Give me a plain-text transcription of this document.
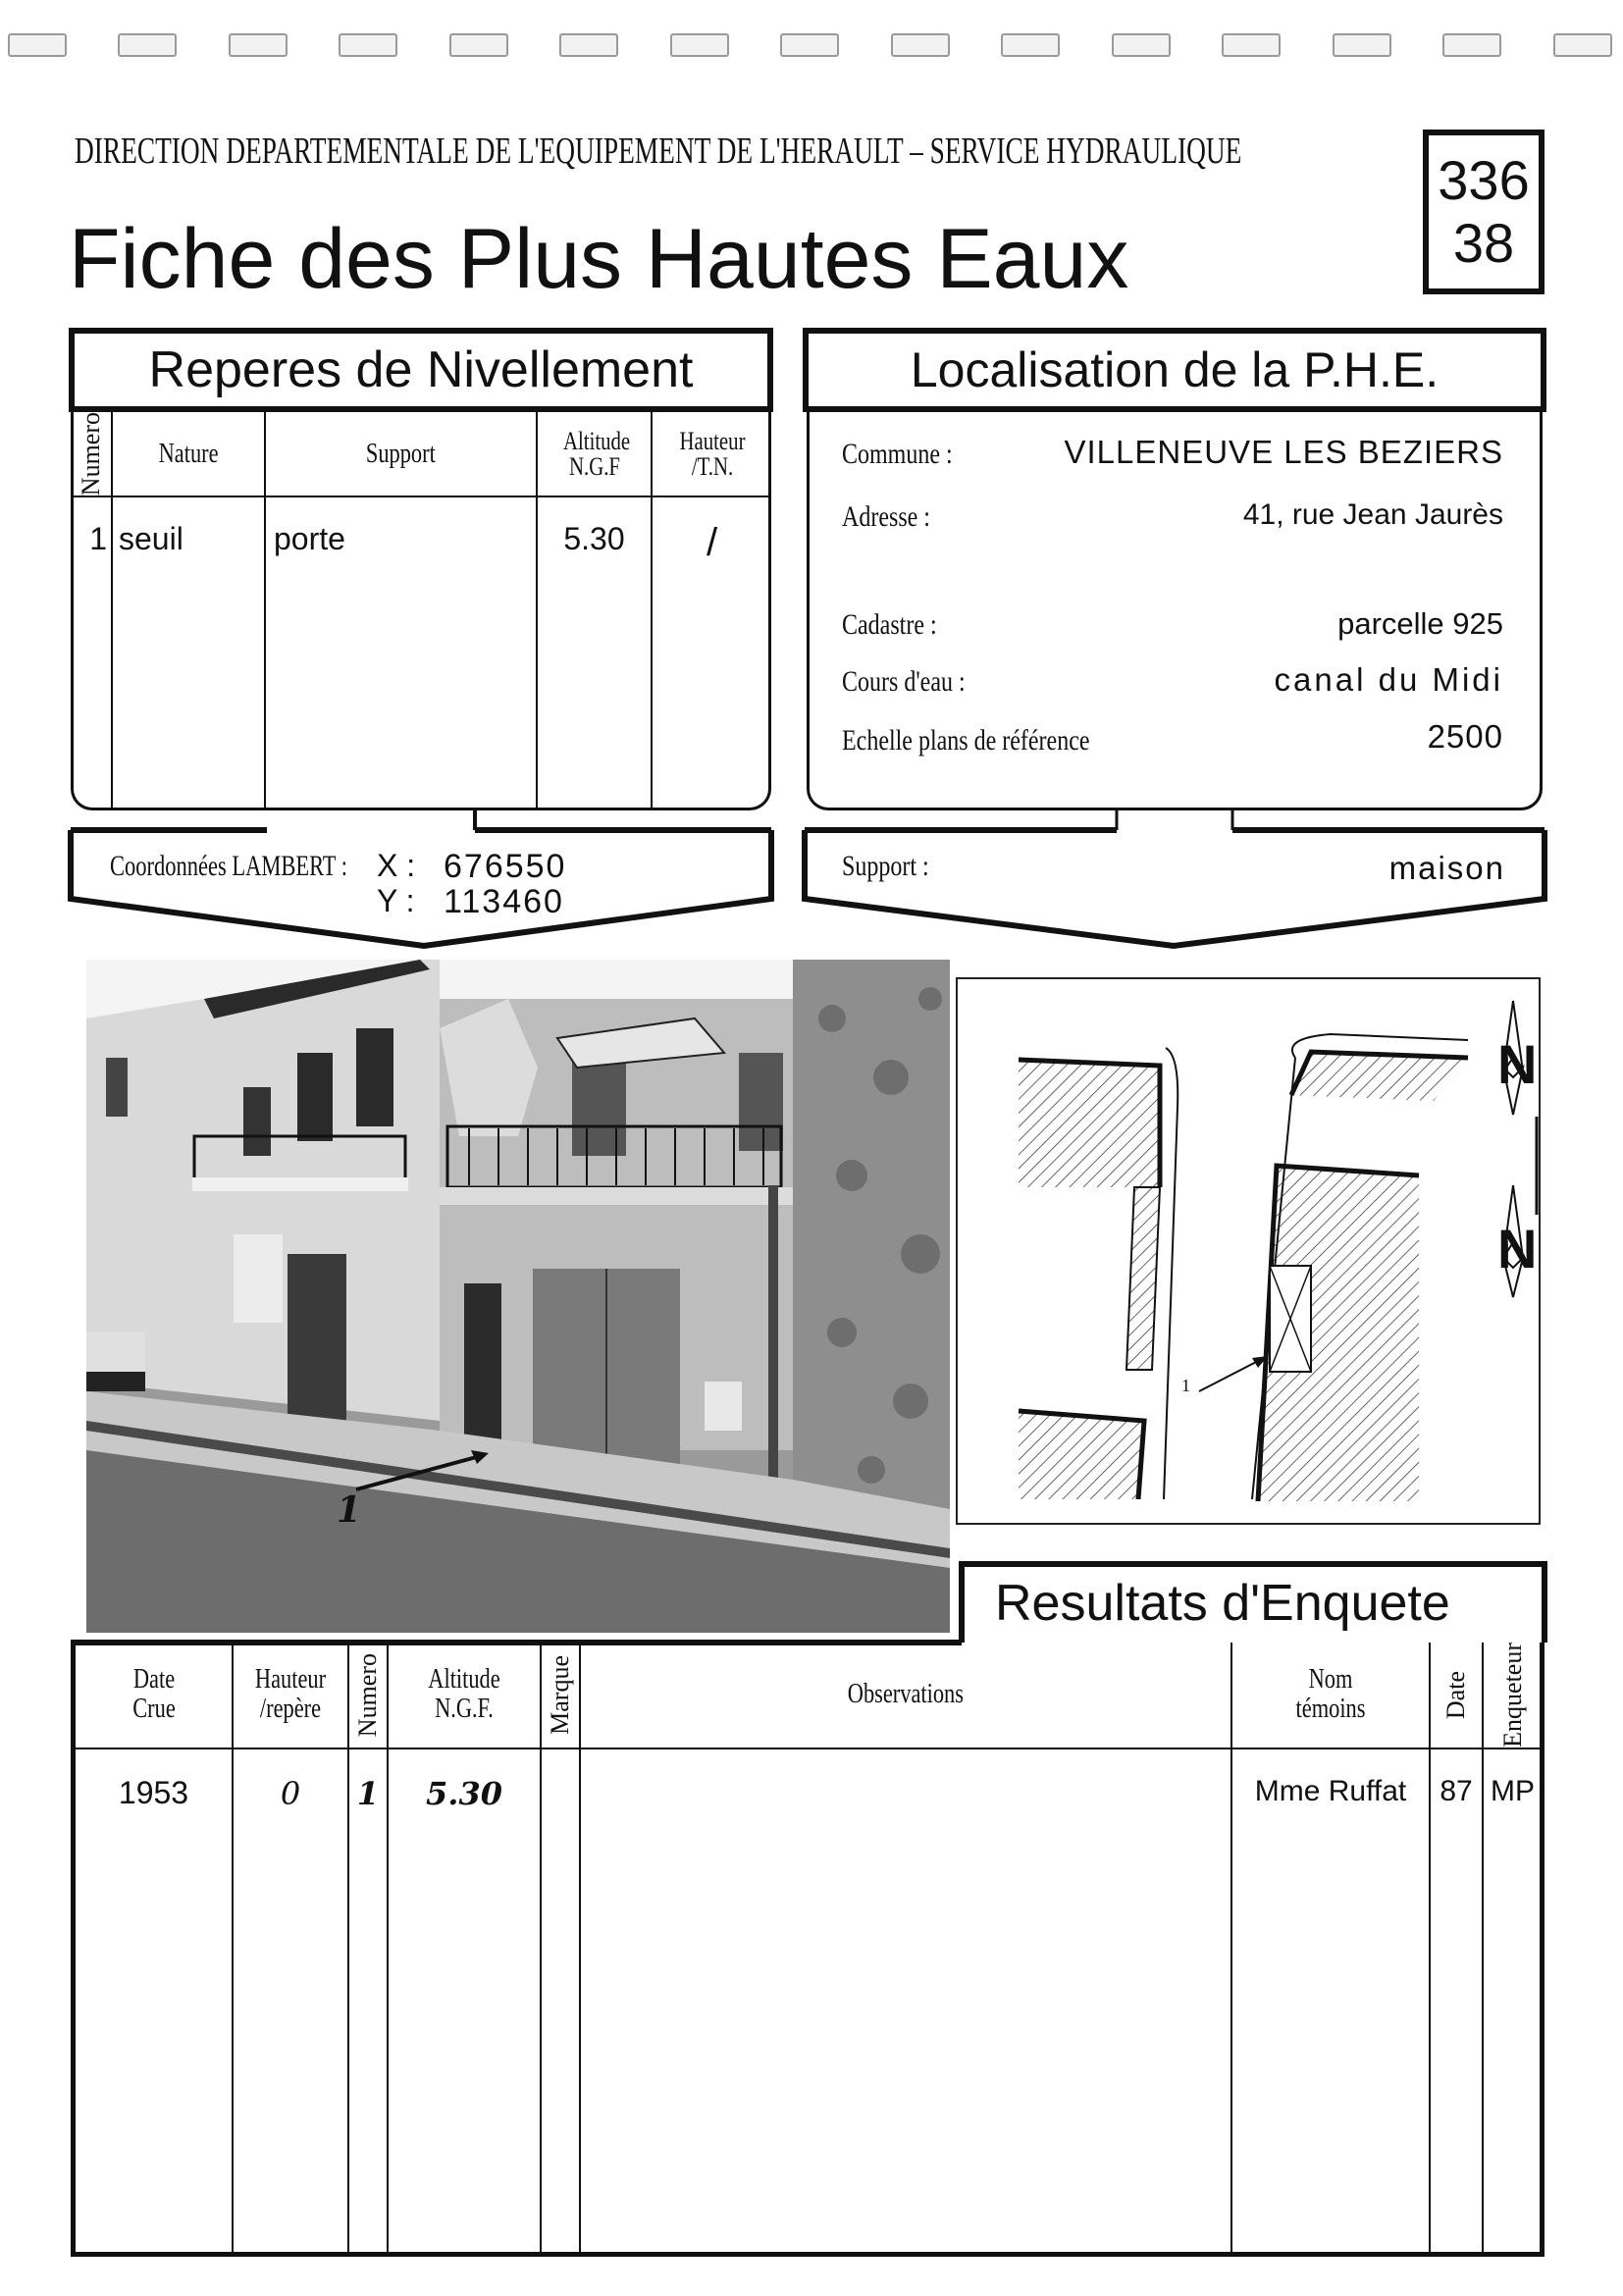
DIRECTION DEPARTEMENTALE DE L'EQUIPEMENT DE L'HERAULT – SERVICE HYDRAULIQUE
Fiche des Plus Hautes Eaux
336
38
Reperes de Nivellement
Numero	Nature	Support	Altitude N.G.F	Hauteur /T.N.
1	seuil	porte	5.30	/
Coordonnées LAMBERT : X : 676550
Y : 113460
Localisation de la P.H.E.
Commune :	VILLENEUVE LES BEZIERS
Adresse :	41, rue Jean Jaurès
Cadastre :	parcelle 925
Cours d'eau :	canal du Midi
Echelle plans de référence	2500
Support :	maison
1
1
N
N
Resultats d'Enquete
Date Crue	Hauteur /repère	Numero	Altitude N.G.F.	Marque	Observations	Nom témoins	Date	Enqueteur

1953	0	1	5.30			Mme Ruffat	87	MP
